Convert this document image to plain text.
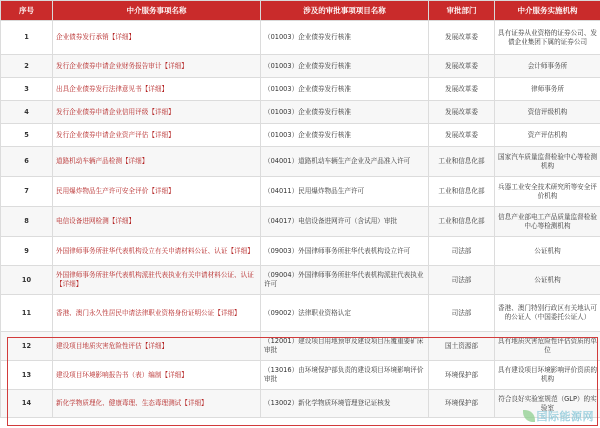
序号	中介服务事项名称	涉及的审批事项项目名称	审批部门	中介服务实施机构
1	企业债券发行承销【详细】	（01003）企业债券发行核准	发展改革委	具有证券从业资格的证券公司、发债企业集团下属的证券公司
2	发行企业债券申请企业财务报告审计【详细】	（01003）企业债券发行核准	发展改革委	会计师事务所
3	出具企业债券发行法律意见书【详细】	（01003）企业债券发行核准	发展改革委	律师事务所
4	发行企业债券申请企业信用评级【详细】	（01003）企业债券发行核准	发展改革委	资信评级机构
5	发行企业债券申请企业资产评估【详细】	（01003）企业债券发行核准	发展改革委	资产评估机构
6	道路机动车辆产品检测【详细】	（04001）道路机动车辆生产企业及产品准入许可	工业和信息化部	国家汽车质量监督检验中心等检测机构
7	民用爆炸物品生产许可安全评价【详细】	（04011）民用爆炸物品生产许可	工业和信息化部	兵器工业安全技术研究所等安全评价机构
8	电信设备进网检测【详细】	（04017）电信设备进网许可（含试用）审批	工业和信息化部	信息产业部电工产品质量监督检验中心等检测机构
9	外国律师事务所驻华代表机构设立有关申请材料公证、认证【详细】	（09003）外国律师事务所驻华代表机构设立许可	司法部	公证机构
10	外国律师事务所驻华代表机构派驻代表执业有关申请材料公证、认证【详细】	（09004）外国律师事务所驻华代表机构派驻代表执业许可	司法部	公证机构
11	香港、澳门永久性居民申请法律职业资格身份证明公证【详细】	（09002）法律职业资格认定	司法部	香港、澳门特别行政区有关地认可的公证人（中国委托公证人）
12	建设项目地质灾害危险性评估【详细】	（12001）建设项目用地预审及建设项目压覆重要矿床审批	国土资源部	具有地质灾害危险性评估资质的单位
13	建设项目环境影响报告书（表）编制【详细】	（13016）由环境保护部负责的建设项目环境影响评价审批	环境保护部	具有建设项目环境影响评价资质的机构
14	新化学物质理化、健康毒理、生态毒理测试【详细】	（13002）新化学物质环境管理登记证核发	环境保护部	符合良好实验室规范（GLP）的实验室
国际能源网
